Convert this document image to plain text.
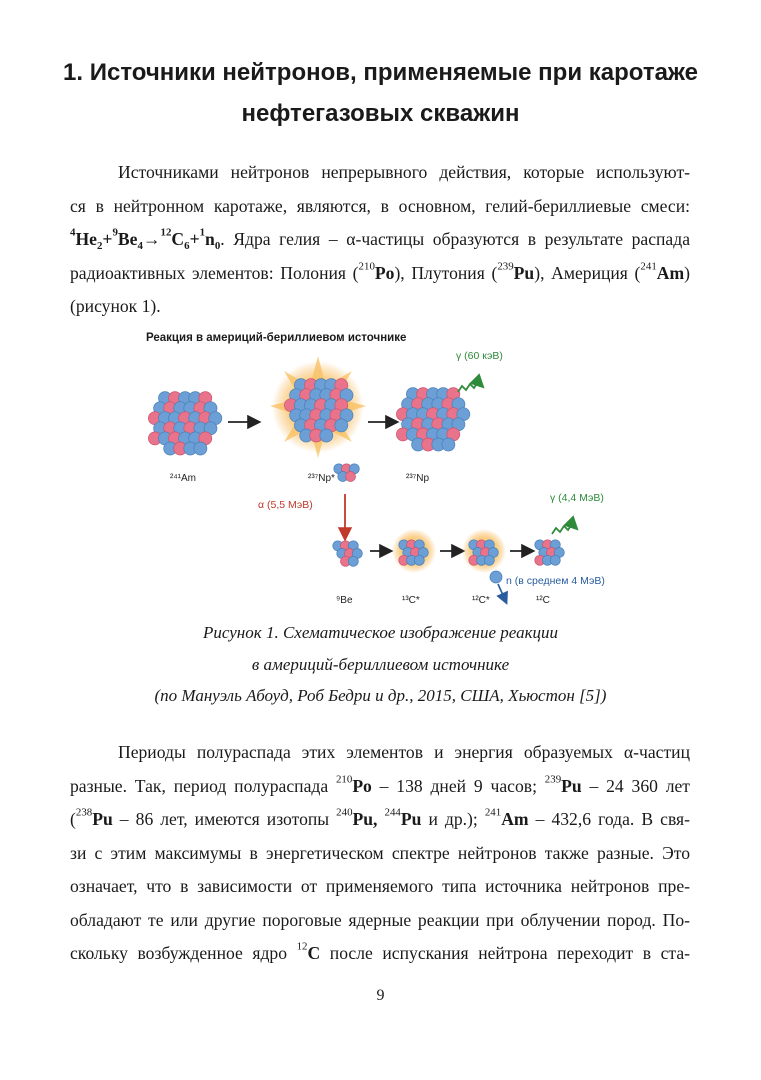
1. Источники нейтронов, применяемые при каротаже
нефтегазовых скважин
Источниками нейтронов непрерывного действия, которые используют-
ся в нейтронном каротаже, являются, в основном, гелий-бериллиевые смеси:
$^4He_2+^9Be_4\to^{12}C_6+^1n_0$. Ядра гелия – α-частицы образуются в результате распада
радиоактивных элементов: Полония ($^{210}$Po), Плутония ($^{239}$Pu), Америция ($^{241}$Am)
(рисунок 1).
Реакция в америций-бериллиевом источнике
γ (60 кэВ)
²⁴¹Am	²³⁷Np*	²³⁷Np
α (5,5 МэВ)
γ (4,4 МэВ)
n (в среднем 4 МэВ)
⁹Be	¹³C*	¹²C*	¹²C
Рисунок 1. Схематическое изображение реакции
в америций-бериллиевом источнике
(по Мануэль Абоуд, Роб Бедри и др., 2015, США, Хьюстон [5])
Периоды полураспада этих элементов и энергия образуемых α-частиц
разные. Так, период полураспада $^{210}$Po – 138 дней 9 часов; $^{239}$Pu – 24 360 лет
($^{238}$Pu – 86 лет, имеются изотопы $^{240}$Pu, $^{244}$Pu и др.); $^{241}$Am – 432,6 года. В свя-
зи с этим максимумы в энергетическом спектре нейтронов также разные. Это
означает, что в зависимости от применяемого типа источника нейтронов пре-
обладают те или другие пороговые ядерные реакции при облучении пород. По-
скольку возбужденное ядро $^{12}$C после испускания нейтрона переходит в ста-
9
